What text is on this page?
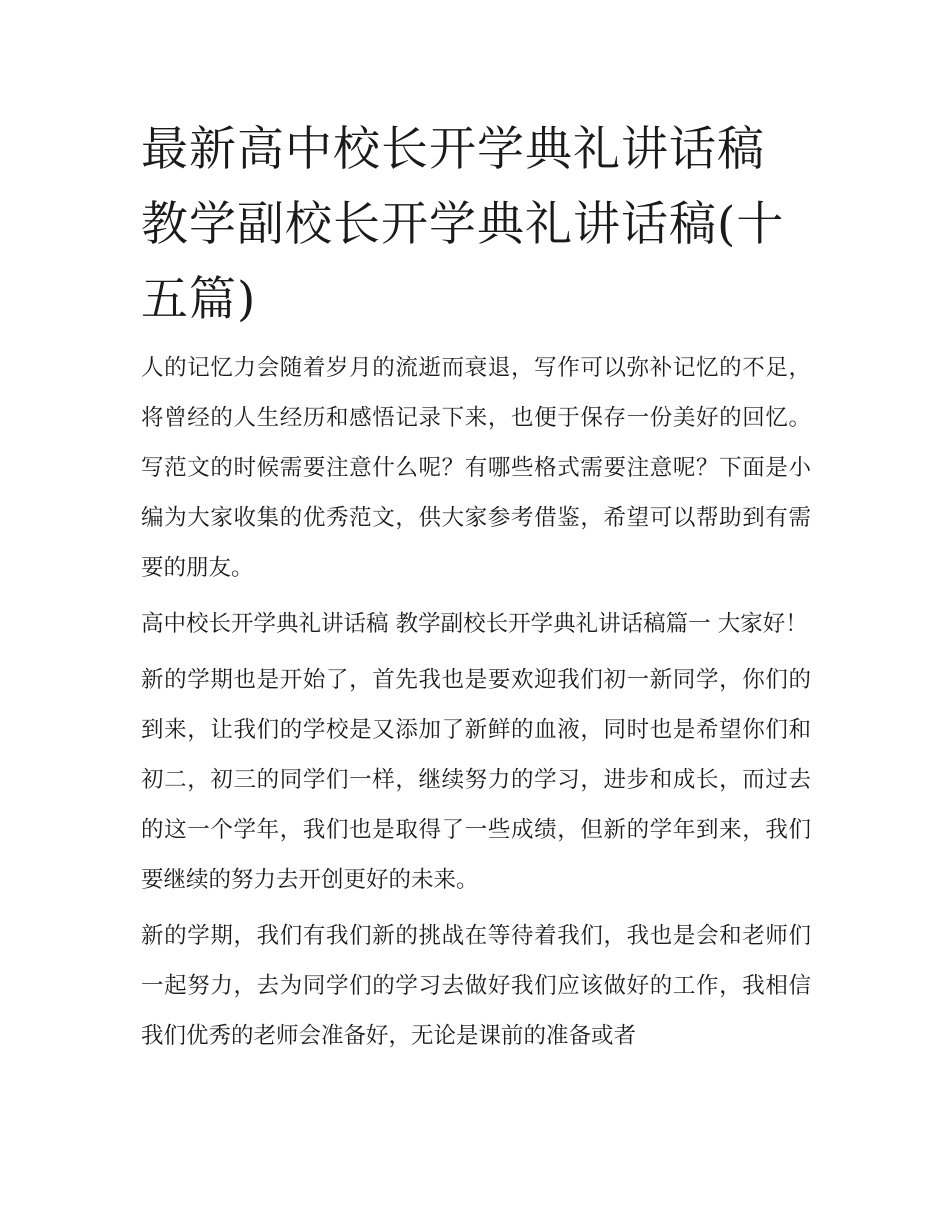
最新高中校长开学典礼讲话稿 教学副校长开学典礼讲话稿(十五篇)

人的记忆力会随着岁月的流逝而衰退，写作可以弥补记忆的不足，将曾经的人生经历和感悟记录下来，也便于保存一份美好的回忆。写范文的时候需要注意什么呢？有哪些格式需要注意呢？下面是小编为大家收集的优秀范文，供大家参考借鉴，希望可以帮助到有需要的朋友。

高中校长开学典礼讲话稿 教学副校长开学典礼讲话稿篇一 大家好！

新的学期也是开始了，首先我也是要欢迎我们初一新同学，你们的到来，让我们的学校是又添加了新鲜的血液，同时也是希望你们和初二，初三的同学们一样，继续努力的学习，进步和成长，而过去的这一个学年，我们也是取得了一些成绩，但新的学年到来，我们要继续的努力去开创更好的未来。

新的学期，我们有我们新的挑战在等待着我们，我也是会和老师们一起努力，去为同学们的学习去做好我们应该做好的工作，我相信我们优秀的老师会准备好，无论是课前的准备或者
